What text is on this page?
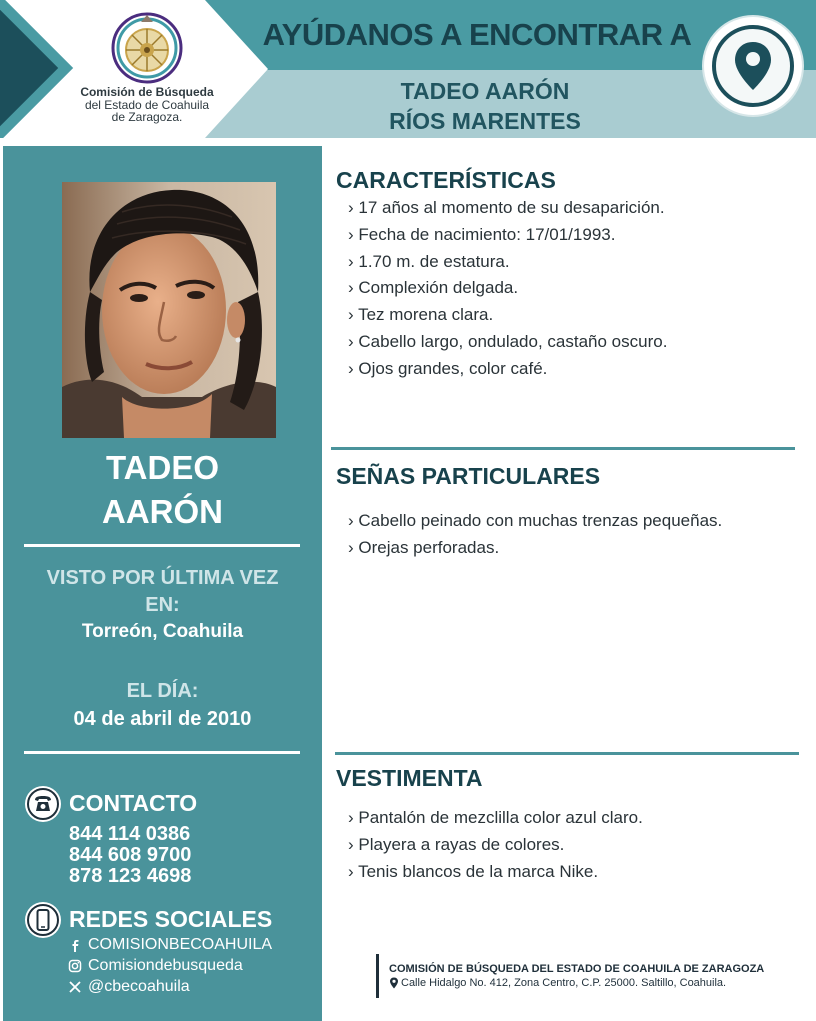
Comisión de Búsqueda
del Estado de Coahuila
de Zaragoza.
AYÚDANOS A ENCONTRAR A
TADEO AARÓN
RÍOS MARENTES
TADEO
AARÓN
VISTO POR ÚLTIMA VEZ
EN:
Torreón, Coahuila
EL DÍA:
04 de abril de 2010
CONTACTO
844 114 0386
844 608 9700
878 123 4698
REDES SOCIALES
COMISIONBECOAHUILA
Comisiondebusqueda
@cbecoahuila
CARACTERÍSTICAS
› 17 años al momento de su desaparición.
› Fecha de nacimiento: 17/01/1993.
› 1.70 m. de estatura.
› Complexión delgada.
› Tez morena clara.
› Cabello largo, ondulado, castaño oscuro.
› Ojos grandes, color café.
SEÑAS PARTICULARES
› Cabello peinado con muchas trenzas pequeñas.
› Orejas perforadas.
VESTIMENTA
› Pantalón de mezclilla color azul claro.
› Playera a rayas de colores.
› Tenis blancos de la marca Nike.
COMISIÓN DE BÚSQUEDA DEL ESTADO DE COAHUILA DE ZARAGOZA
Calle Hidalgo No. 412, Zona Centro, C.P. 25000. Saltillo, Coahuila.
